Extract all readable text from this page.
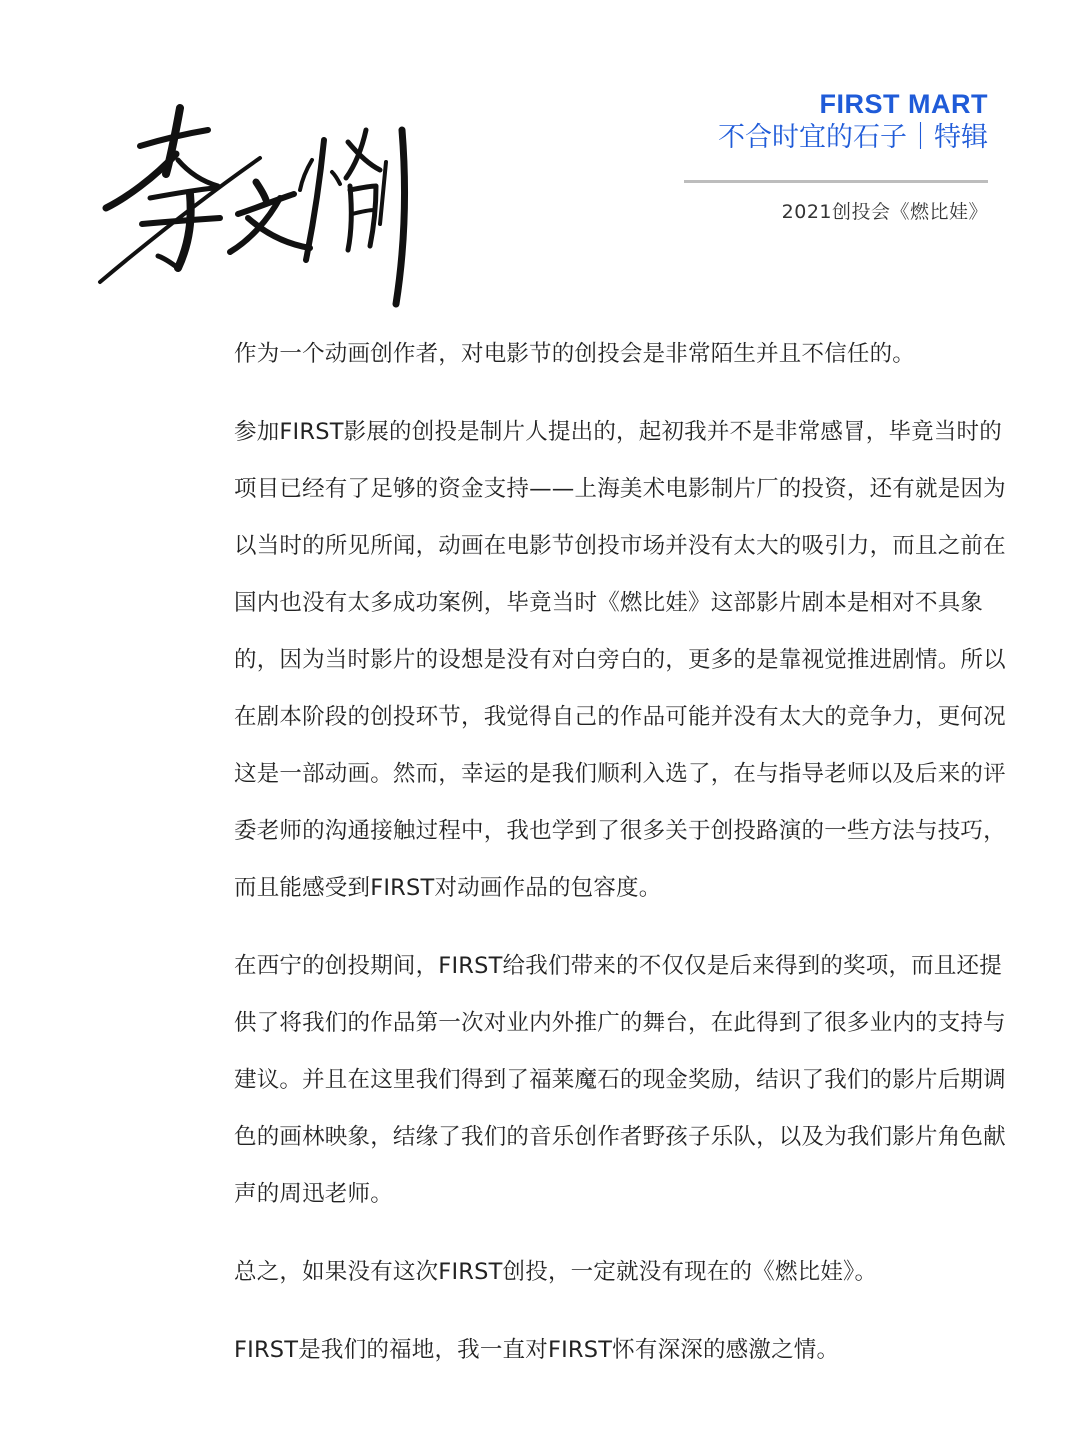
FIRST MART
不合时宜的石子｜特辑
2021创投会《燃比娃》

作为一个动画创作者，对电影节的创投会是非常陌生并且不信任的。

参加FIRST影展的创投是制片人提出的，起初我并不是非常感冒，毕竟当时的项目已经有了足够的资金支持——上海美术电影制片厂的投资，还有就是因为以当时的所见所闻，动画在电影节创投市场并没有太大的吸引力，而且之前在国内也没有太多成功案例，毕竟当时《燃比娃》这部影片剧本是相对不具象的，因为当时影片的设想是没有对白旁白的，更多的是靠视觉推进剧情。所以在剧本阶段的创投环节，我觉得自己的作品可能并没有太大的竞争力，更何况这是一部动画。然而，幸运的是我们顺利入选了，在与指导老师以及后来的评委老师的沟通接触过程中，我也学到了很多关于创投路演的一些方法与技巧，而且能感受到FIRST对动画作品的包容度。

在西宁的创投期间，FIRST给我们带来的不仅仅是后来得到的奖项，而且还提供了将我们的作品第一次对业内外推广的舞台，在此得到了很多业内的支持与建议。并且在这里我们得到了福莱魔石的现金奖励，结识了我们的影片后期调色的画林映象，结缘了我们的音乐创作者野孩子乐队，以及为我们影片角色献声的周迅老师。

总之，如果没有这次FIRST创投，一定就没有现在的《燃比娃》。

FIRST是我们的福地，我一直对FIRST怀有深深的感激之情。
